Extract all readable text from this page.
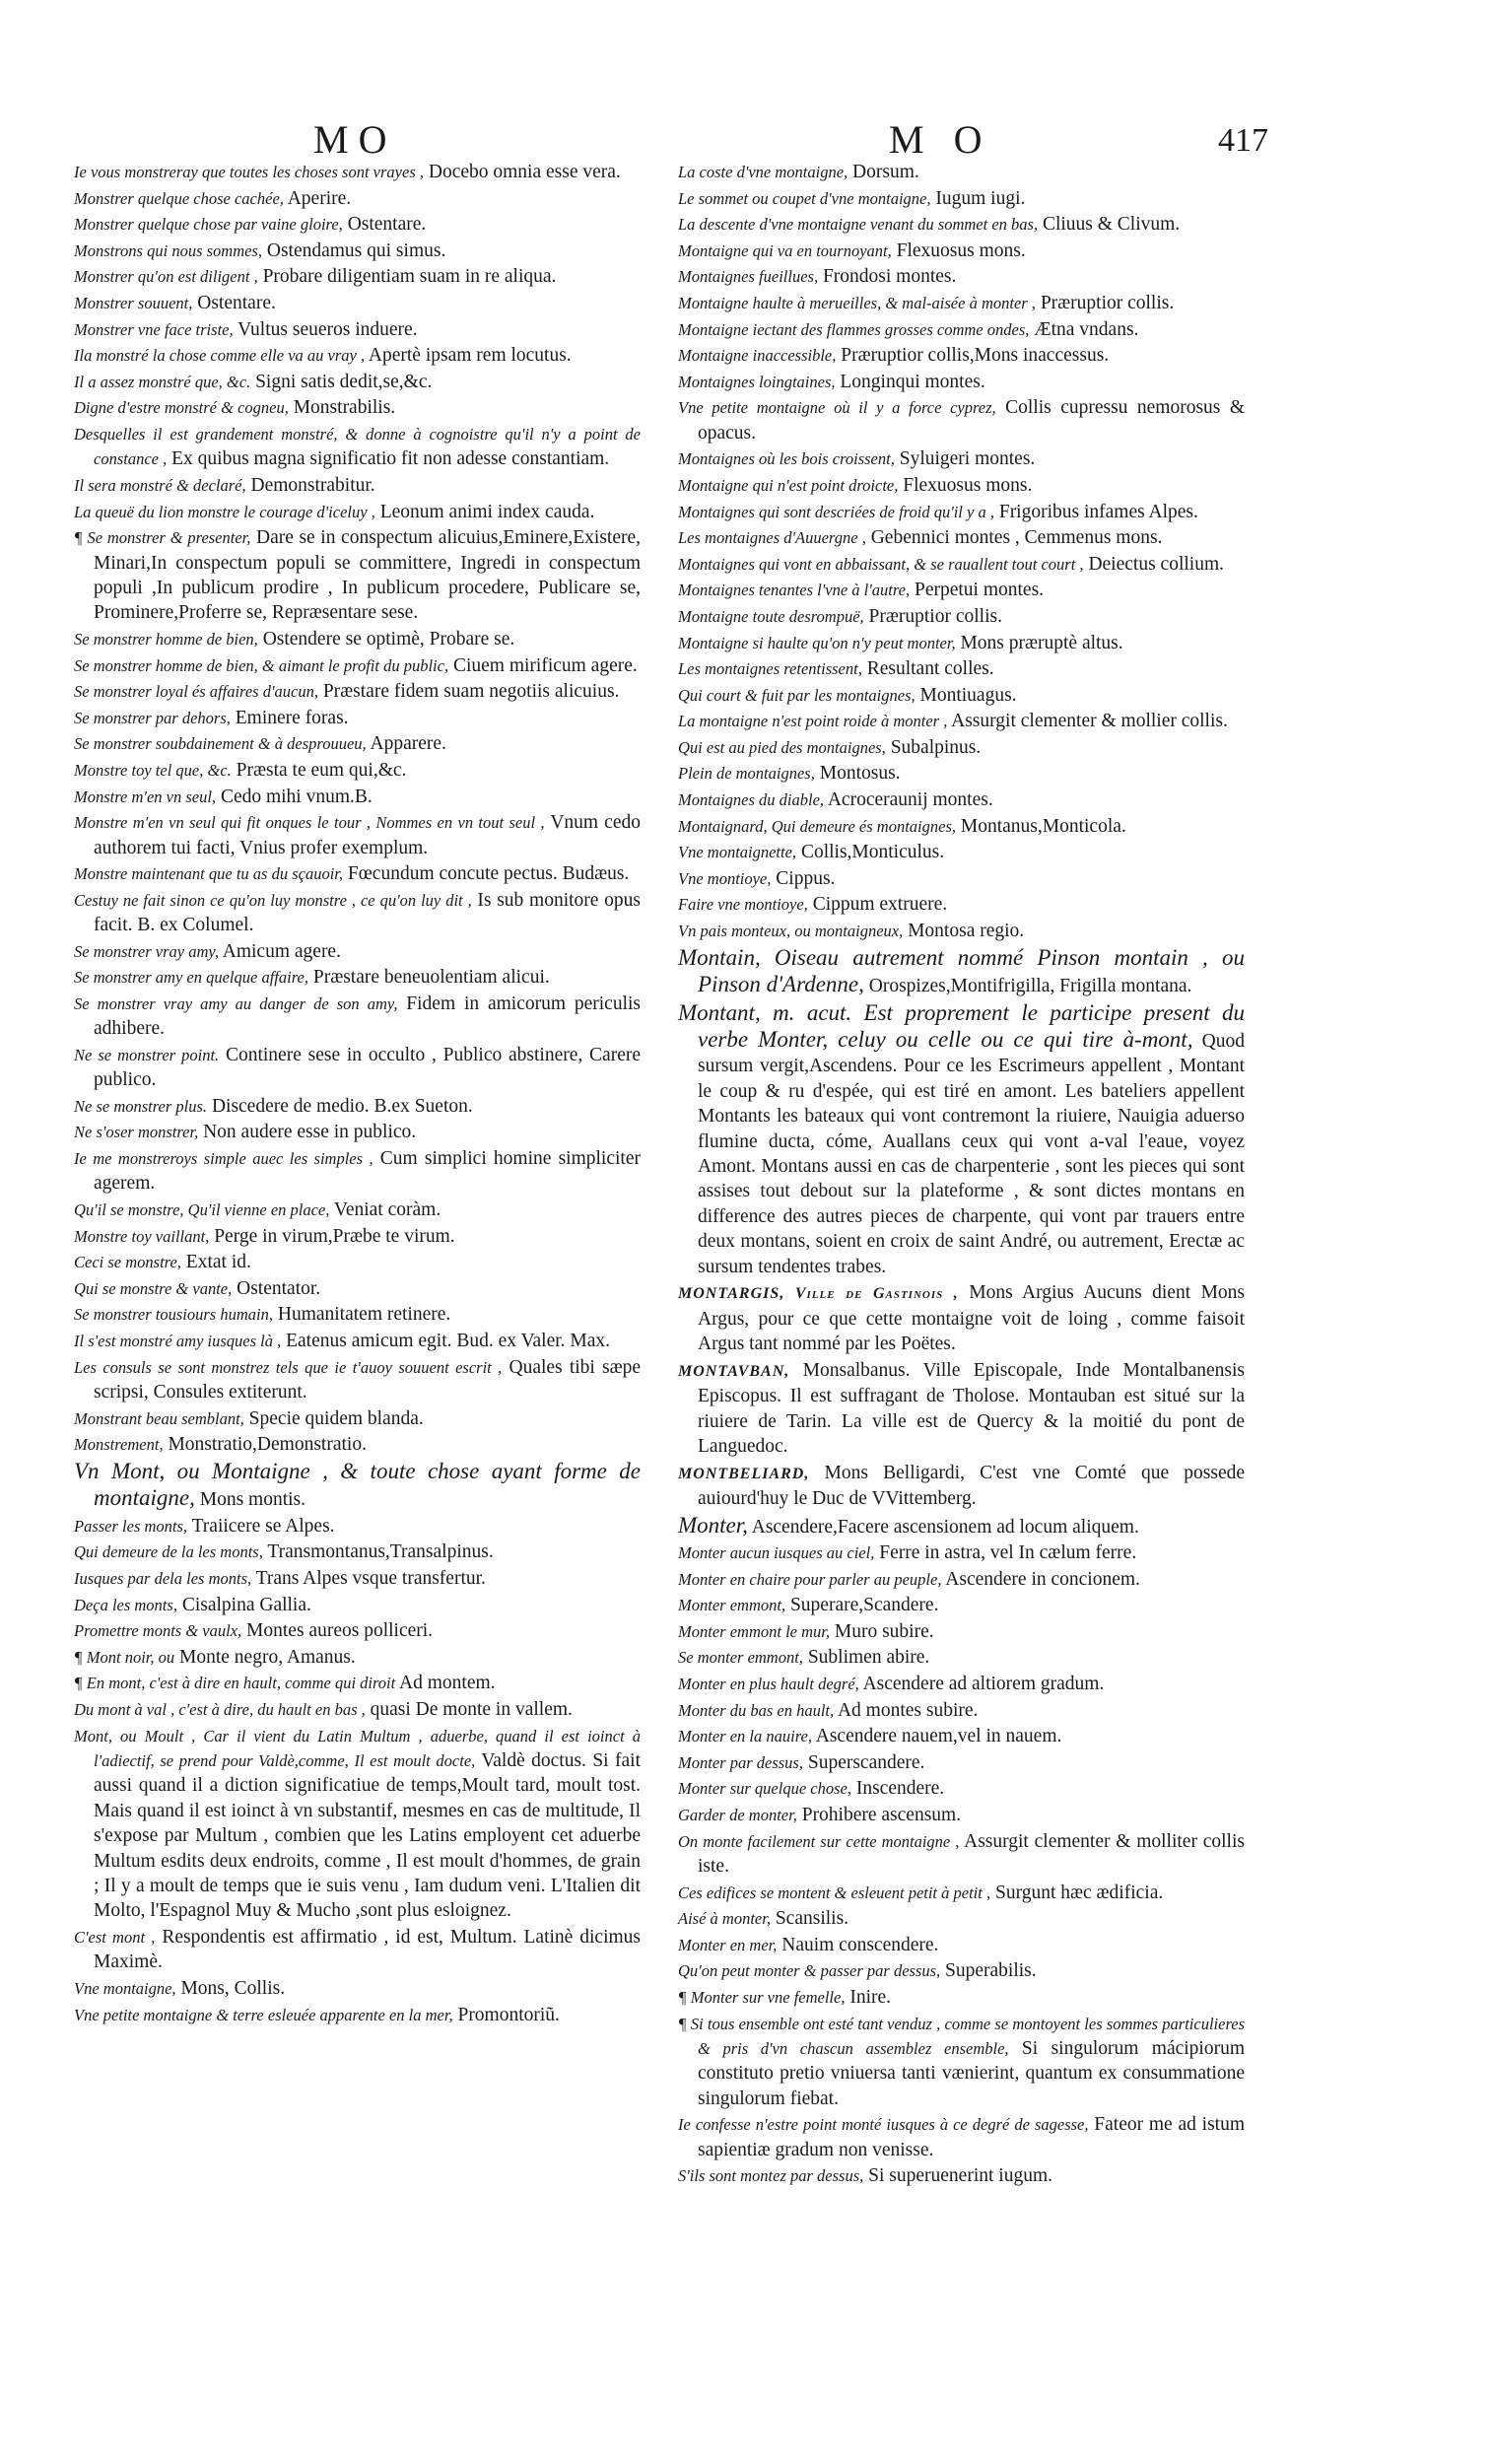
MO	M O	417

Ie vous monstreray que toutes les choses sont vrayes , Docebo omnia esse vera.

Monstrer quelque chose cachée, Aperire.

Monstrer quelque chose par vaine gloire, Ostentare.

Monstrons qui nous sommes, Ostendamus qui simus.

Monstrer qu'on est diligent , Probare diligentiam suam in re aliqua.

Monstrer souuent, Ostentare.

Monstrer vne face triste, Vultus seueros induere.

Ila monstré la chose comme elle va au vray , Apertè ipsam rem locutus.

Il a assez monstré que, &c. Signi satis dedit,se,&c.

Digne d'estre monstré & cogneu, Monstrabilis.

Desquelles il est grandement monstré, & donne à cognoistre qu'il n'y a point de constance , Ex quibus magna significatio fit non adesse constantiam.

Il sera monstré & declaré, Demonstrabitur.

La queuë du lion monstre le courage d'iceluy , Leonum animi index cauda.

¶ Se monstrer & presenter, Dare se in conspectum alicuius,Eminere,Existere, Minari,In conspectum populi se committere, Ingredi in conspectum populi ,In publicum prodire , In publicum procedere, Publicare se, Prominere,Proferre se, Repræsentare sese.

Se monstrer homme de bien, Ostendere se optimè, Probare se.

Se monstrer homme de bien, & aimant le profit du public, Ciuem mirificum agere.

Se monstrer loyal és affaires d'aucun, Præstare fidem suam negotiis alicuius.

Se monstrer par dehors, Eminere foras.

Se monstrer soubdainement & à desprouueu, Apparere.

Monstre toy tel que, &c. Præsta te eum qui,&c.

Monstre m'en vn seul, Cedo mihi vnum.B.

Monstre m'en vn seul qui fit onques le tour , Nommes en vn tout seul , Vnum cedo authorem tui facti, Vnius profer exemplum.

Monstre maintenant que tu as du sçauoir, Fœcundum concute pectus. Budæus.

Cestuy ne fait sinon ce qu'on luy monstre , ce qu'on luy dit , Is sub monitore opus facit. B. ex Columel.

Se monstrer vray amy, Amicum agere.

Se monstrer amy en quelque affaire, Præstare beneuolentiam alicui.

Se monstrer vray amy au danger de son amy, Fidem in amicorum periculis adhibere.

Ne se monstrer point. Continere sese in occulto , Publico abstinere, Carere publico.

Ne se monstrer plus. Discedere de medio. B.ex Sueton.

Ne s'oser monstrer, Non audere esse in publico.

Ie me monstreroys simple auec les simples , Cum simplici homine simpliciter agerem.

Qu'il se monstre, Qu'il vienne en place, Veniat coràm.

Monstre toy vaillant, Perge in virum,Præbe te virum.

Ceci se monstre, Extat id.

Qui se monstre & vante, Ostentator.

Se monstrer tousiours humain, Humanitatem retinere.

Il s'est monstré amy iusques là , Eatenus amicum egit. Bud. ex Valer. Max.

Les consuls se sont monstrez tels que ie t'auoy souuent escrit , Quales tibi sæpe scripsi, Consules extiterunt.

Monstrant beau semblant, Specie quidem blanda.

Monstrement, Monstratio,Demonstratio.

Vn Mont, ou Montaigne , & toute chose ayant forme de montaigne, Mons montis.

Passer les monts, Traiicere se Alpes.

Qui demeure de la les monts, Transmontanus,Transalpinus.

Iusques par dela les monts, Trans Alpes vsque transfertur.

Deça les monts, Cisalpina Gallia.

Promettre monts & vaulx, Montes aureos polliceri.

¶ Mont noir, ou Monte negro, Amanus.

¶ En mont, c'est à dire en hault, comme qui diroit Ad montem.

Du mont à val , c'est à dire, du hault en bas , quasi De monte in vallem.

Mont, ou Moult , Car il vient du Latin Multum , aduerbe, quand il est ioinct à l'adiectif, se prend pour Valdè,comme, Il est moult docte, Valdè doctus. Si fait aussi quand il a diction significatiue de temps,Moult tard, moult tost. Mais quand il est ioinct à vn substantif, mesmes en cas de multitude, Il s'expose par Multum , combien que les Latins employent cet aduerbe Multum esdits deux endroits, comme , Il est moult d'hommes, de grain ; Il y a moult de temps que ie suis venu , Iam dudum veni. L'Italien dit Molto, l'Espagnol Muy & Mucho ,sont plus esloignez.

C'est mont , Respondentis est affirmatio , id est, Multum. Latinè dicimus Maximè.

Vne montaigne, Mons, Collis.

Vne petite montaigne & terre esleuée apparente en la mer, Promontoriũ.

La coste d'vne montaigne, Dorsum.

Le sommet ou coupet d'vne montaigne, Iugum iugi.

La descente d'vne montaigne venant du sommet en bas, Cliuus & Clivum.

Montaigne qui va en tournoyant, Flexuosus mons.

Montaignes fueillues, Frondosi montes.

Montaigne haulte à merueilles, & mal-aisée à monter , Præruptior collis.

Montaigne iectant des flammes grosses comme ondes, Ætna vndans.

Montaigne inaccessible, Præruptior collis,Mons inaccessus.

Montaignes loingtaines, Longinqui montes.

Vne petite montaigne où il y a force cyprez, Collis cupressu nemorosus & opacus.

Montaignes où les bois croissent, Syluigeri montes.

Montaigne qui n'est point droicte, Flexuosus mons.

Montaignes qui sont descriées de froid qu'il y a , Frigoribus infames Alpes.

Les montaignes d'Auuergne , Gebennici montes , Cemmenus mons.

Montaignes qui vont en abbaissant, & se rauallent tout court , Deiectus collium.

Montaignes tenantes l'vne à l'autre, Perpetui montes.

Montaigne toute desrompuë, Præruptior collis.

Montaigne si haulte qu'on n'y peut monter, Mons præruptè altus.

Les montaignes retentissent, Resultant colles.

Qui court & fuit par les montaignes, Montiuagus.

La montaigne n'est point roide à monter , Assurgit clementer & mollier collis.

Qui est au pied des montaignes, Subalpinus.

Plein de montaignes, Montosus.

Montaignes du diable, Acroceraunij montes.

Montaignard, Qui demeure és montaignes, Montanus,Monticola.

Vne montaignette, Collis,Monticulus.

Vne montioye, Cippus.

Faire vne montioye, Cippum extruere.

Vn pais monteux, ou montaigneux, Montosa regio.

Montain, Oiseau autrement nommé Pinson montain , ou Pinson d'Ardenne, Orospizes,Montifrigilla, Frigilla montana.

Montant, m. acut. Est proprement le participe present du verbe Monter, celuy ou celle ou ce qui tire à-mont, Quod sursum vergit,Ascendens. Pour ce les Escrimeurs appellent , Montant le coup & ru d'espée, qui est tiré en amont. Les bateliers appellent Montants les bateaux qui vont contremont la riuiere, Nauigia aduerso flumine ducta, cóme, Auallans ceux qui vont a-val l'eaue, voyez Amont. Montans aussi en cas de charpenterie , sont les pieces qui sont assises tout debout sur la plateforme , & sont dictes montans en difference des autres pieces de charpente, qui vont par trauers entre deux montans, soient en croix de saint André, ou autrement, Erectæ ac sursum tendentes trabes.

MONTARGIS, Ville de Gastinois , Mons Argius Aucuns dient Mons Argus, pour ce que cette montaigne voit de loing , comme faisoit Argus tant nommé par les Poëtes.

MONTAVBAN, Monsalbanus. Ville Episcopale, Inde Montalbanensis Episcopus. Il est suffragant de Tholose. Montauban est situé sur la riuiere de Tarin. La ville est de Quercy & la moitié du pont de Languedoc.

MONTBELIARD, Mons Belligardi, C'est vne Comté que possede auiourd'huy le Duc de VVittemberg.

Monter, Ascendere,Facere ascensionem ad locum aliquem.

Monter aucun iusques au ciel, Ferre in astra, vel In cælum ferre.

Monter en chaire pour parler au peuple, Ascendere in concionem.

Monter emmont, Superare,Scandere.

Monter emmont le mur, Muro subire.

Se monter emmont, Sublimen abire.

Monter en plus hault degré, Ascendere ad altiorem gradum.

Monter du bas en hault, Ad montes subire.

Monter en la nauire, Ascendere nauem,vel in nauem.

Monter par dessus, Superscandere.

Monter sur quelque chose, Inscendere.

Garder de monter, Prohibere ascensum.

On monte facilement sur cette montaigne , Assurgit clementer & molliter collis iste.

Ces edifices se montent & esleuent petit à petit , Surgunt hæc ædificia.

Aisé à monter, Scansilis.

Monter en mer, Nauim conscendere.

Qu'on peut monter & passer par dessus, Superabilis.

¶ Monter sur vne femelle, Inire.

¶ Si tous ensemble ont esté tant venduz , comme se montoyent les sommes particulieres & pris d'vn chascun assemblez ensemble, Si singulorum mácipiorum constituto pretio vniuersa tanti vænierint, quantum ex consummatione singulorum fiebat.

Ie confesse n'estre point monté iusques à ce degré de sagesse, Fateor me ad istum sapientiæ gradum non venisse.

S'ils sont montez par dessus, Si superuenerint iugum.
